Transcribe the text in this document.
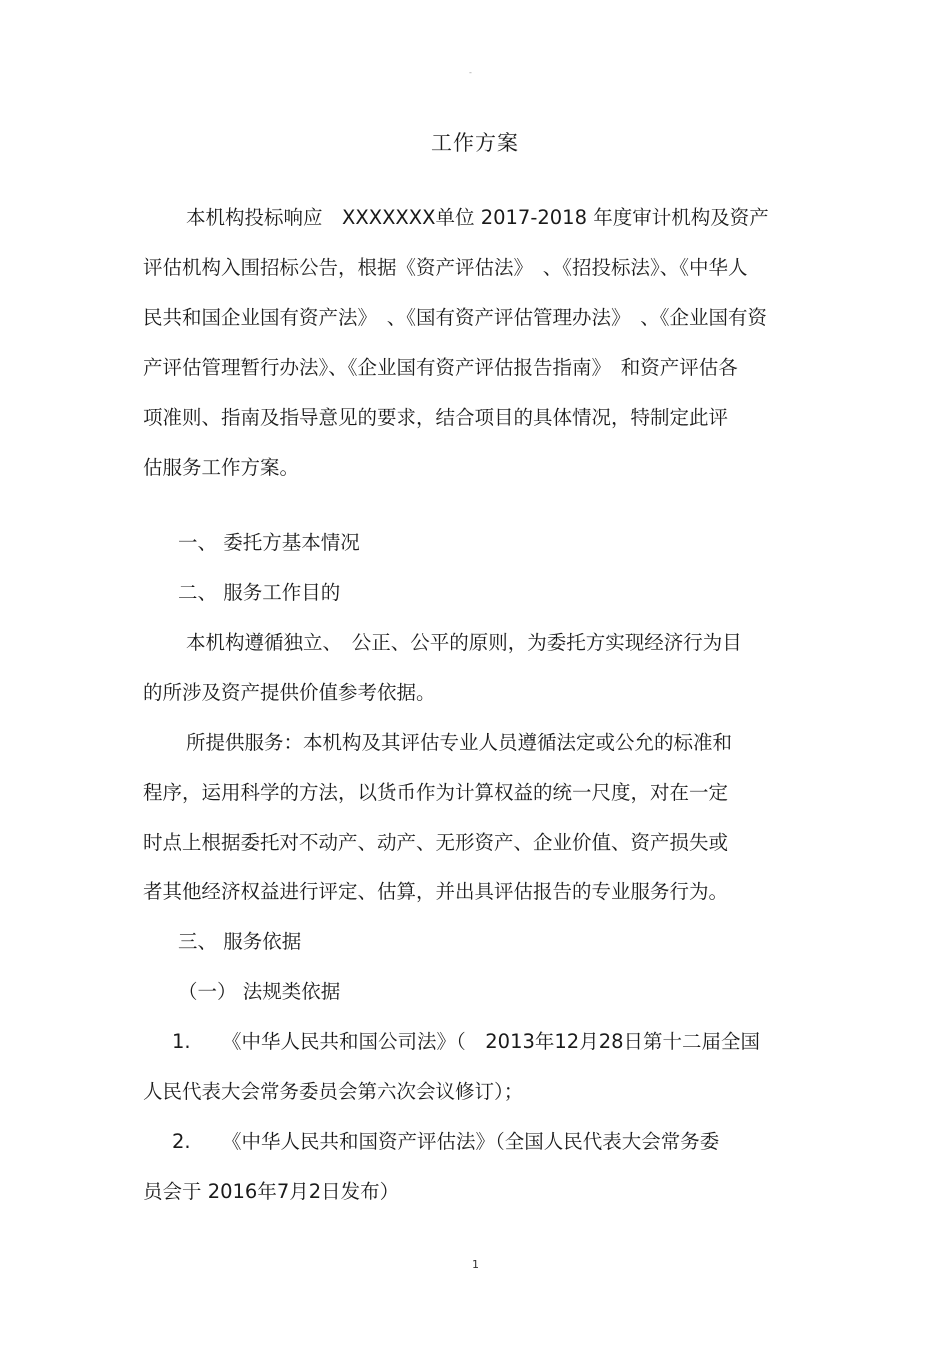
-
工作方案
本机构投标响应　XXXXXXX单位 2017-2018 年度审计机构及资产
评估机构入围招标公告，根据《资产评估法》　、《招投标法》、《中华人
民共和国企业国有资产法》　、《国有资产评估管理办法》　、《企业国有资
产评估管理暂行办法》、《企业国有资产评估报告指南》　和资产评估各
项准则、指南及指导意见的要求，结合项目的具体情况，特制定此评
估服务工作方案。
一、 委托方基本情况
二、 服务工作目的
本机构遵循独立、　公正、公平的原则，为委托方实现经济行为目
的所涉及资产提供价值参考依据。
所提供服务：本机构及其评估专业人员遵循法定或公允的标准和
程序，运用科学的方法，以货币作为计算权益的统一尺度，对在一定
时点上根据委托对不动产、动产、无形资产、企业价值、资产损失或
者其他经济权益进行评定、估算，并出具评估报告的专业服务行为。
三、 服务依据
（一） 法规类依据
1. 《中华人民共和国公司法》（　2013年12月28日第十二届全国
人民代表大会常务委员会第六次会议修订）；
2. 《中华人民共和国资产评估法》（全国人民代表大会常务委
员会于 2016年7月2日发布）
1
